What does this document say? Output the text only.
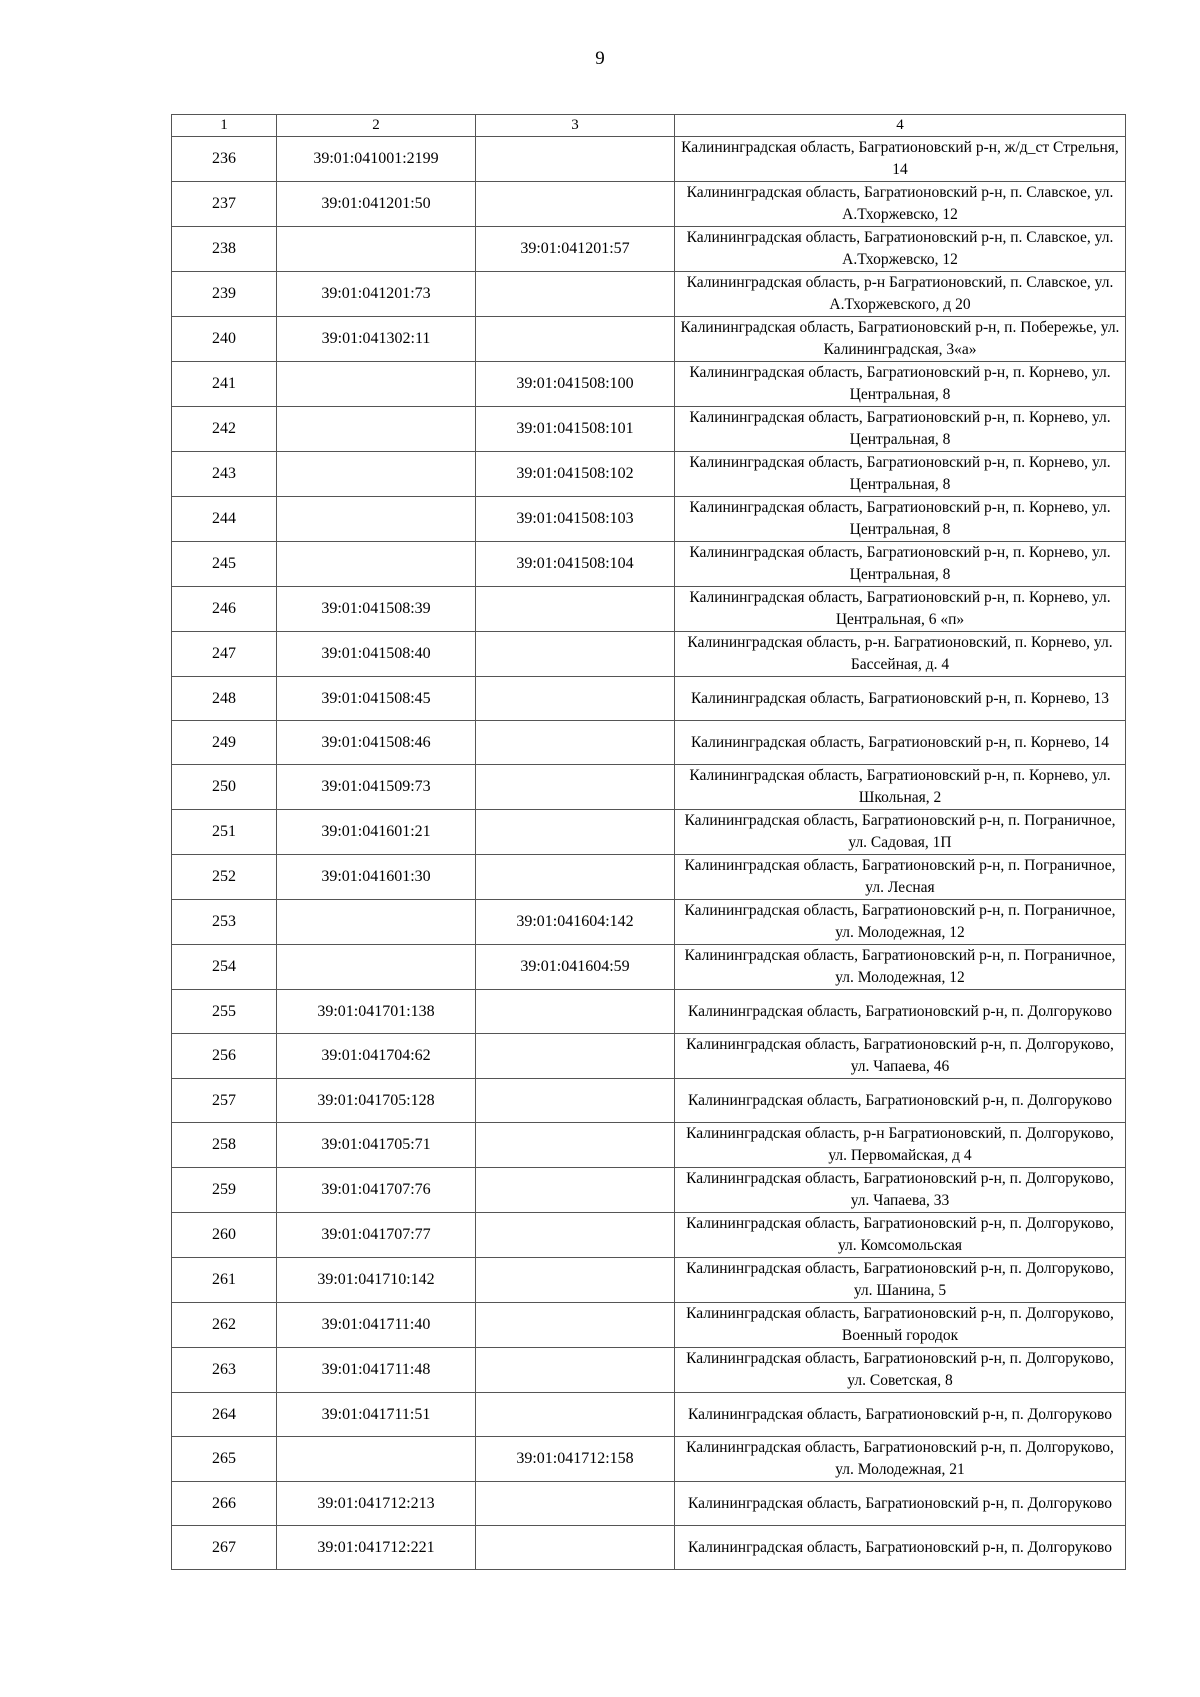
9
1	2	3	4
236	39:01:041001:2199		Калининградская область, Багратионовский р-н, ж/д_ст Стрельня, 14
237	39:01:041201:50		Калининградская область, Багратионовский р-н, п. Славское, ул. А.Тхоржевско, 12
238		39:01:041201:57	Калининградская область, Багратионовский р-н, п. Славское, ул. А.Тхоржевско, 12
239	39:01:041201:73		Калининградская область, р-н Багратионовский, п. Славское, ул. А.Тхоржевского, д 20
240	39:01:041302:11		Калининградская область, Багратионовский р-н, п. Побережье, ул. Калининградская, 3«а»
241		39:01:041508:100	Калининградская область, Багратионовский р-н, п. Корнево, ул. Центральная, 8
242		39:01:041508:101	Калининградская область, Багратионовский р-н, п. Корнево, ул. Центральная, 8
243		39:01:041508:102	Калининградская область, Багратионовский р-н, п. Корнево, ул. Центральная, 8
244		39:01:041508:103	Калининградская область, Багратионовский р-н, п. Корнево, ул. Центральная, 8
245		39:01:041508:104	Калининградская область, Багратионовский р-н, п. Корнево, ул. Центральная, 8
246	39:01:041508:39		Калининградская область, Багратионовский р-н, п. Корнево, ул. Центральная, 6 «п»
247	39:01:041508:40		Калининградская область, р-н. Багратионовский, п. Корнево, ул. Бассейная, д. 4
248	39:01:041508:45		Калининградская область, Багратионовский р-н, п. Корнево, 13
249	39:01:041508:46		Калининградская область, Багратионовский р-н, п. Корнево, 14
250	39:01:041509:73		Калининградская область, Багратионовский р-н, п. Корнево, ул. Школьная, 2
251	39:01:041601:21		Калининградская область, Багратионовский р-н, п. Пограничное, ул. Садовая, 1П
252	39:01:041601:30		Калининградская область, Багратионовский р-н, п. Пограничное, ул. Лесная
253		39:01:041604:142	Калининградская область, Багратионовский р-н, п. Пограничное, ул. Молодежная, 12
254		39:01:041604:59	Калининградская область, Багратионовский р-н, п. Пограничное, ул. Молодежная, 12
255	39:01:041701:138		Калининградская область, Багратионовский р-н, п. Долгоруково
256	39:01:041704:62		Калининградская область, Багратионовский р-н, п. Долгоруково, ул. Чапаева, 46
257	39:01:041705:128		Калининградская область, Багратионовский р-н, п. Долгоруково
258	39:01:041705:71		Калининградская область, р-н Багратионовский, п. Долгоруково, ул. Первомайская, д 4
259	39:01:041707:76		Калининградская область, Багратионовский р-н, п. Долгоруково, ул. Чапаева, 33
260	39:01:041707:77		Калининградская область, Багратионовский р-н, п. Долгоруково, ул. Комсомольская
261	39:01:041710:142		Калининградская область, Багратионовский р-н, п. Долгоруково, ул. Шанина, 5
262	39:01:041711:40		Калининградская область, Багратионовский р-н, п. Долгоруково, Военный городок
263	39:01:041711:48		Калининградская область, Багратионовский р-н, п. Долгоруково, ул. Советская, 8
264	39:01:041711:51		Калининградская область, Багратионовский р-н, п. Долгоруково
265		39:01:041712:158	Калининградская область, Багратионовский р-н, п. Долгоруково, ул. Молодежная, 21
266	39:01:041712:213		Калининградская область, Багратионовский р-н, п. Долгоруково
267	39:01:041712:221		Калининградская область, Багратионовский р-н, п. Долгоруково
